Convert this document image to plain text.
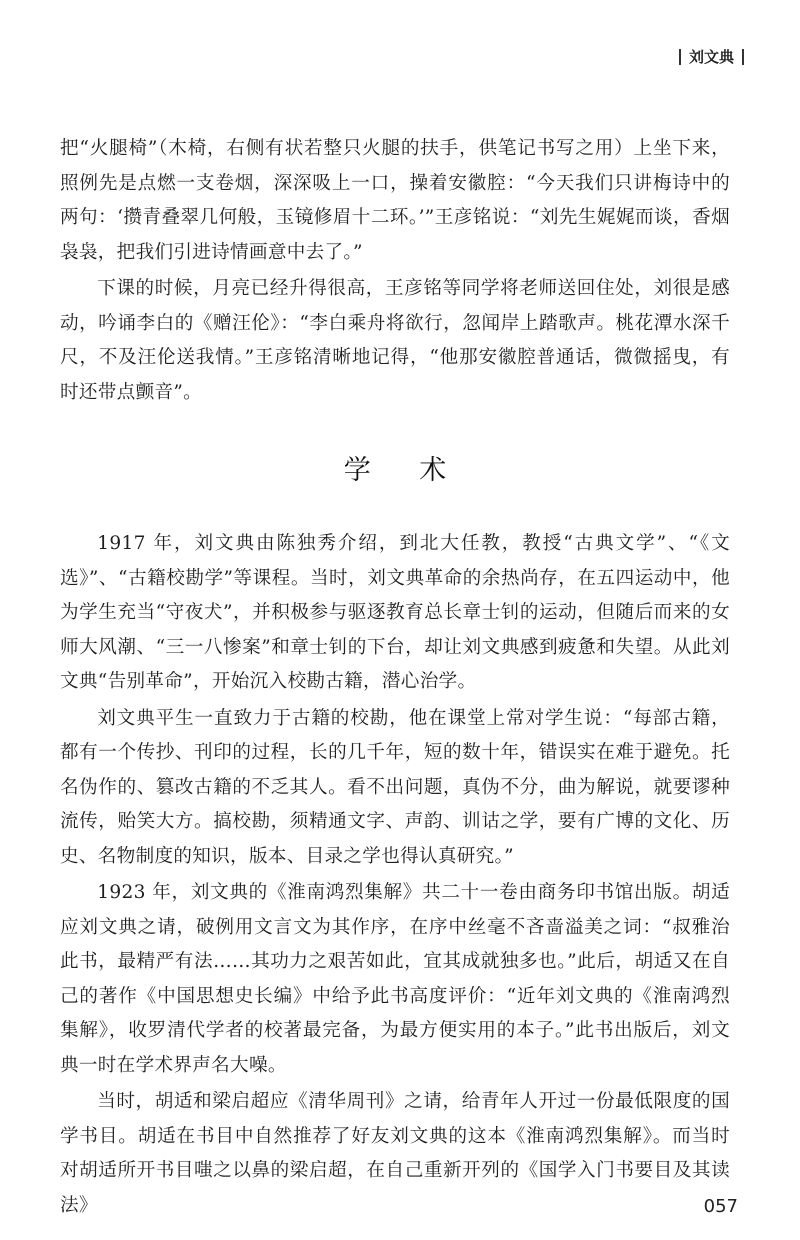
刘文典

把“火腿椅”（木椅，右侧有状若整只火腿的扶手，供笔记书写之用）上坐下来，照例先是点燃一支卷烟，深深吸上一口，操着安徽腔：“今天我们只讲梅诗中的两句：‘攒青叠翠几何般，玉镜修眉十二环。’”王彦铭说：“刘先生娓娓而谈，香烟袅袅，把我们引进诗情画意中去了。”

下课的时候，月亮已经升得很高，王彦铭等同学将老师送回住处，刘很是感动，吟诵李白的《赠汪伦》：“李白乘舟将欲行，忽闻岸上踏歌声。桃花潭水深千尺，不及汪伦送我情。”王彦铭清晰地记得，“他那安徽腔普通话，微微摇曳，有时还带点颤音”。

学 术

1917 年，刘文典由陈独秀介绍，到北大任教，教授“古典文学”、“《文选》”、“古籍校勘学”等课程。当时，刘文典革命的余热尚存，在五四运动中，他为学生充当“守夜犬”，并积极参与驱逐教育总长章士钊的运动，但随后而来的女师大风潮、“三一八惨案”和章士钊的下台，却让刘文典感到疲惫和失望。从此刘文典“告别革命”，开始沉入校勘古籍，潜心治学。

刘文典平生一直致力于古籍的校勘，他在课堂上常对学生说：“每部古籍，都有一个传抄、刊印的过程，长的几千年，短的数十年，错误实在难于避免。托名伪作的、篡改古籍的不乏其人。看不出问题，真伪不分，曲为解说，就要谬种流传，贻笑大方。搞校勘，须精通文字、声韵、训诂之学，要有广博的文化、历史、名物制度的知识，版本、目录之学也得认真研究。”

1923 年，刘文典的《淮南鸿烈集解》共二十一卷由商务印书馆出版。胡适应刘文典之请，破例用文言文为其作序，在序中丝毫不吝啬溢美之词：“叔雅治此书，最精严有法……其功力之艰苦如此，宜其成就独多也。”此后，胡适又在自己的著作《中国思想史长编》中给予此书高度评价：“近年刘文典的《淮南鸿烈集解》，收罗清代学者的校著最完备，为最方便实用的本子。”此书出版后，刘文典一时在学术界声名大噪。

当时，胡适和梁启超应《清华周刊》之请，给青年人开过一份最低限度的国学书目。胡适在书目中自然推荐了好友刘文典的这本《淮南鸿烈集解》。而当时对胡适所开书目嗤之以鼻的梁启超，在自己重新开列的《国学入门书要目及其读法》	057
